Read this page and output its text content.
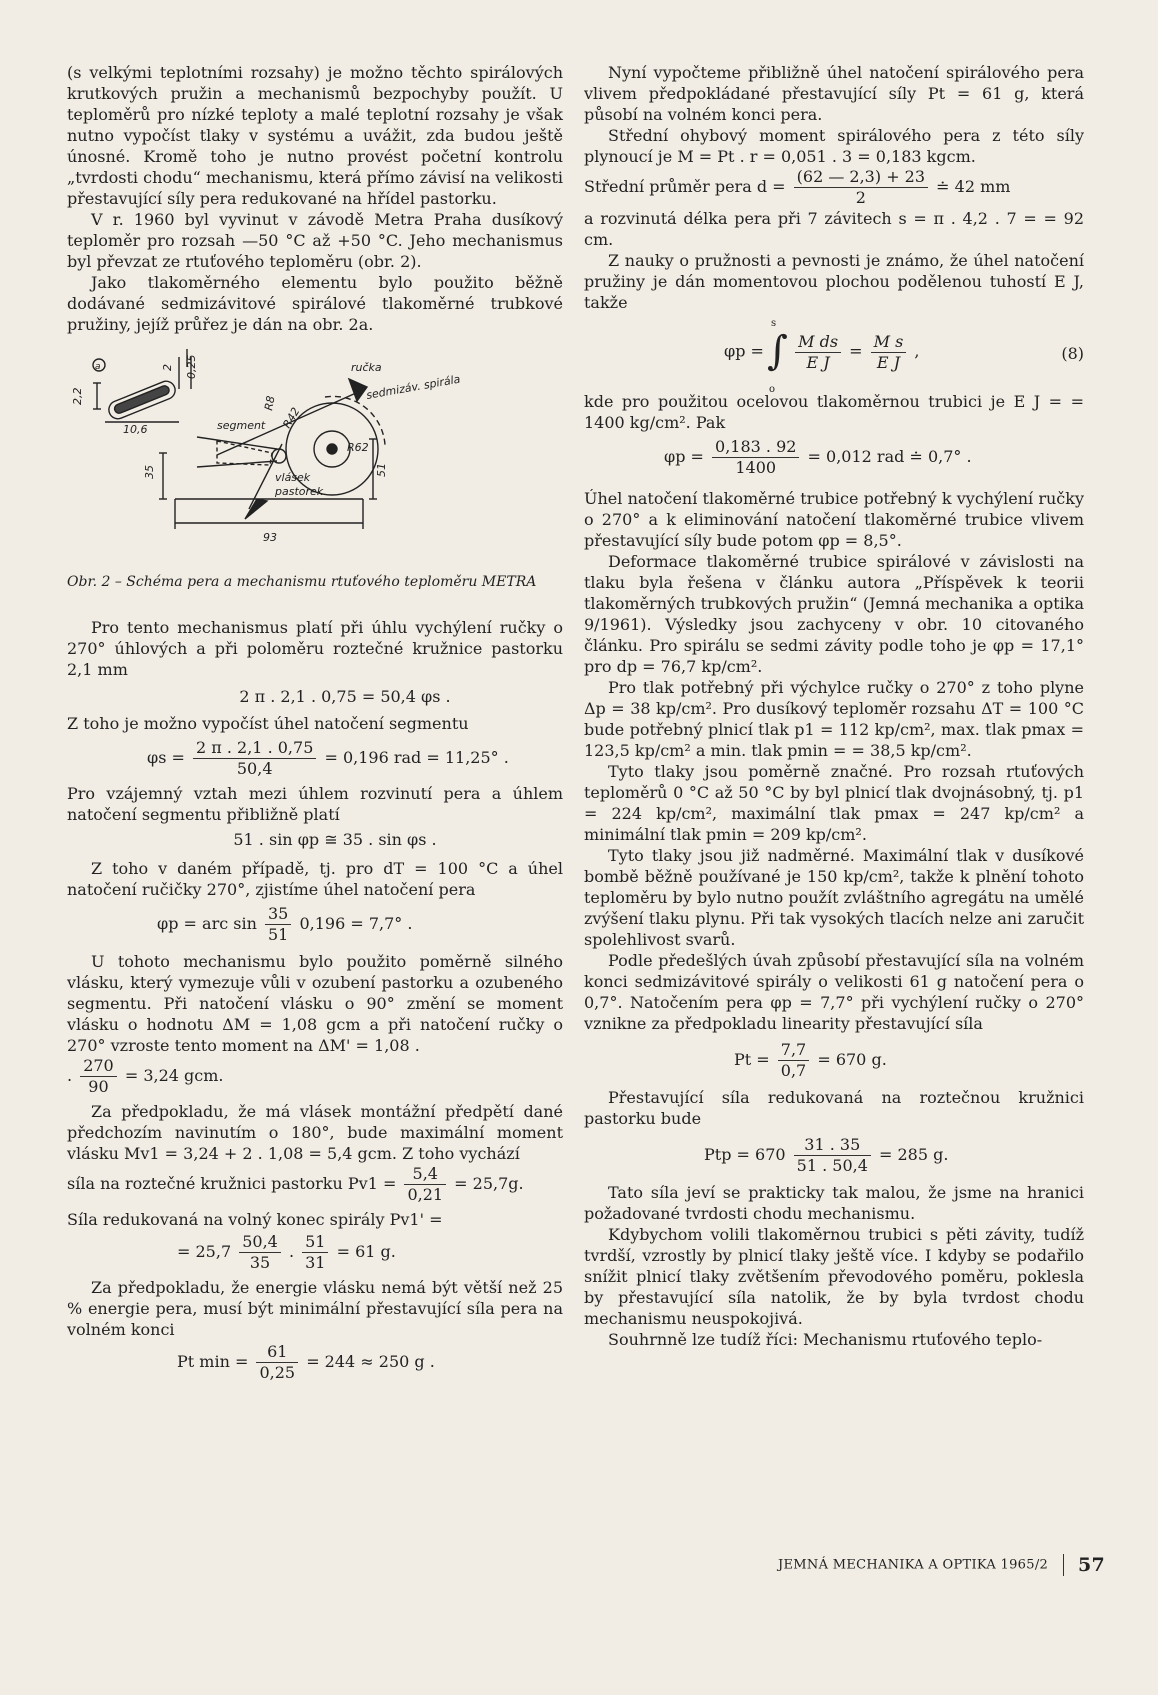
(s velkými teplotními rozsahy) je možno těchto spirálových krutkových pružin a mechanismů bezpochyby použít. U teploměrů pro nízké teploty a malé teplotní rozsahy je však nutno vypočíst tlaky v systému a uvážit, zda budou ještě únosné. Kromě toho je nutno provést početní kontrolu „tvrdosti chodu“ mechanismu, která přímo závisí na velikosti přestavující síly pera redukované na hřídel pastorku.

V r. 1960 byl vyvinut v závodě Metra Praha dusíkový teploměr pro rozsah —50 °C až +50 °C. Jeho mechanismus byl převzat ze rtuťového teploměru (obr. 2).

Jako tlakoměrného elementu bylo použito běžně dodávané sedmizávitové spirálové tlakoměrné trubkové pružiny, jejíž průřez je dán na obr. 2a.

a	0,25
2
2,2
10,6
ručka
sedmizáv. spirála
segment R42
R8
R62
vlásek
pastorek
35	51
93

Obr. 2 – Schéma pera a mechanismu rtuťového teploměru METRA

Pro tento mechanismus platí při úhlu vychýlení ručky o 270° úhlových a při poloměru roztečné kružnice pastorku 2,1 mm

2 π . 2,1 . 0,75 = 50,4 φs .

Z toho je možno vypočíst úhel natočení segmentu

$\varphi s = \frac{2 \pi . 2,1 . 0,75}{50,4} = 0,196$ rad = 11,25° .

Pro vzájemný vztah mezi úhlem rozvinutí pera a úhlem natočení segmentu přibližně platí

51 . sin φp ≅ 35 . sin φs .

Z toho v daném případě, tj. pro dT = 100 °C a úhel natočení ručičky 270°, zjistíme úhel natočení pera

φp = arc $\sin \frac{35}{51} 0,196 = 7,7^\circ$ .

U tohoto mechanismu bylo použito poměrně silného vlásku, který vymezuje vůli v ozubení pastorku a ozubeného segmentu. Při natočení vlásku o 90° změní se moment vlásku o hodnotu ΔM = 1,08 gcm a při natočení ručky o 270° vzroste tento moment na ΔM' = 1,08 .

. $\frac{270}{90} = 3,24$ gcm.

Za předpokladu, že má vlásek montážní předpětí dané předchozím navinutím o 180°, bude maximální moment vlásku Mv1 = 3,24 + 2 . 1,08 = 5,4 gcm. Z toho vychází

síla na roztečné kružnici pastorku $Pv1 = \frac{5,4}{0,21} = 25,7g$.

Síla redukovaná na volný konec spirály Pv1' =

= $25,7 \frac{50,4}{35}$ . $\frac{51}{31} = 61$ g.

Za předpokladu, že energie vlásku nemá být větší než 25 % energie pera, musí být minimální přestavující síla pera na volném konci

Pt $\min = \frac{61}{0,25} = 244 \approx 250$ g .

Nyní vypočteme přibližně úhel natočení spirálového pera vlivem předpokládané přestavující síly Pt = 61 g, která působí na volném konci pera.

Střední ohybový moment spirálového pera z této síly plynoucí je M = Pt . r = 0,051 . 3 = 0,183 kgcm.

Střední průměr pera $d = \frac{(62 — 2,3) + 23}{2}$ ≐ 42 mm

a rozvinutá délka pera při 7 závitech s = π . 4,2 . 7 = = 92 cm.

Z nauky o pružnosti a pevnosti je známo, že úhel natočení pružiny je dán momentovou plochou podělenou tuhostí E J, takže

φp =
s
∫
o

$\frac{\text{M ds}}{\text{E J}} = \frac{\text{M s}}{\text{E J}}$ ,	(8)

kde pro použitou ocelovou tlakoměrnou trubici je E J = = 1400 kg/cm². Pak

$\varphi p = \frac{0,183 . 92}{1400} = 0,012$ rad ≐ 0,7° .

Úhel natočení tlakoměrné trubice potřebný k vychýlení ručky o 270° a k eliminování natočení tlakoměrné trubice vlivem přestavující síly bude potom φp = 8,5°.

Deformace tlakoměrné trubice spirálové v závislosti na tlaku byla řešena v článku autora „Příspěvek k teorii tlakoměrných trubkových pružin“ (Jemná mechanika a optika 9/1961). Výsledky jsou zachyceny v obr. 10 citovaného článku. Pro spirálu se sedmi závity podle toho je φp = 17,1° pro dp = 76,7 kp/cm².

Pro tlak potřebný při výchylce ručky o 270° z toho plyne Δp = 38 kp/cm². Pro dusíkový teploměr rozsahu ΔT = 100 °C bude potřebný plnicí tlak p1 = 112 kp/cm², max. tlak pmax = 123,5 kp/cm² a min. tlak pmin = = 38,5 kp/cm².

Tyto tlaky jsou poměrně značné. Pro rozsah rtuťových teploměrů 0 °C až 50 °C by byl plnicí tlak dvojnásobný, tj. p1 = 224 kp/cm², maximální tlak pmax = 247 kp/cm² a minimální tlak pmin = 209 kp/cm².

Tyto tlaky jsou již nadměrné. Maximální tlak v dusíkové bombě běžně používané je 150 kp/cm², takže k plnění tohoto teploměru by bylo nutno použít zvláštního agregátu na umělé zvýšení tlaku plynu. Při tak vysokých tlacích nelze ani zaručit spolehlivost svarů.

Podle předešlých úvah způsobí přestavující síla na volném konci sedmizávitové spirály o velikosti 61 g natočení pera o 0,7°. Natočením pera φp = 7,7° při vychýlení ručky o 270° vznikne za předpokladu linearity přestavující síla

$Pt = \frac{7,7}{0,7} = 670$ g.

Přestavující síla redukovaná na roztečnou kružnici pastorku bude

Ptp = $670 \frac{31 . 35}{51 . 50,4} = 285$ g.

Tato síla jeví se prakticky tak malou, že jsme na hranici požadované tvrdosti chodu mechanismu.

Kdybychom volili tlakoměrnou trubici s pěti závity, tudíž tvrdší, vzrostly by plnicí tlaky ještě více. I kdyby se podařilo snížit plnicí tlaky zvětšením převodového poměru, poklesla by přestavující síla natolik, že by byla tvrdost chodu mechanismu neuspokojivá.

Souhrnně lze tudíž říci: Mechanismu rtuťového teplo-

JEMNÁ MECHANIKA A OPTIKA 1965/2 57
